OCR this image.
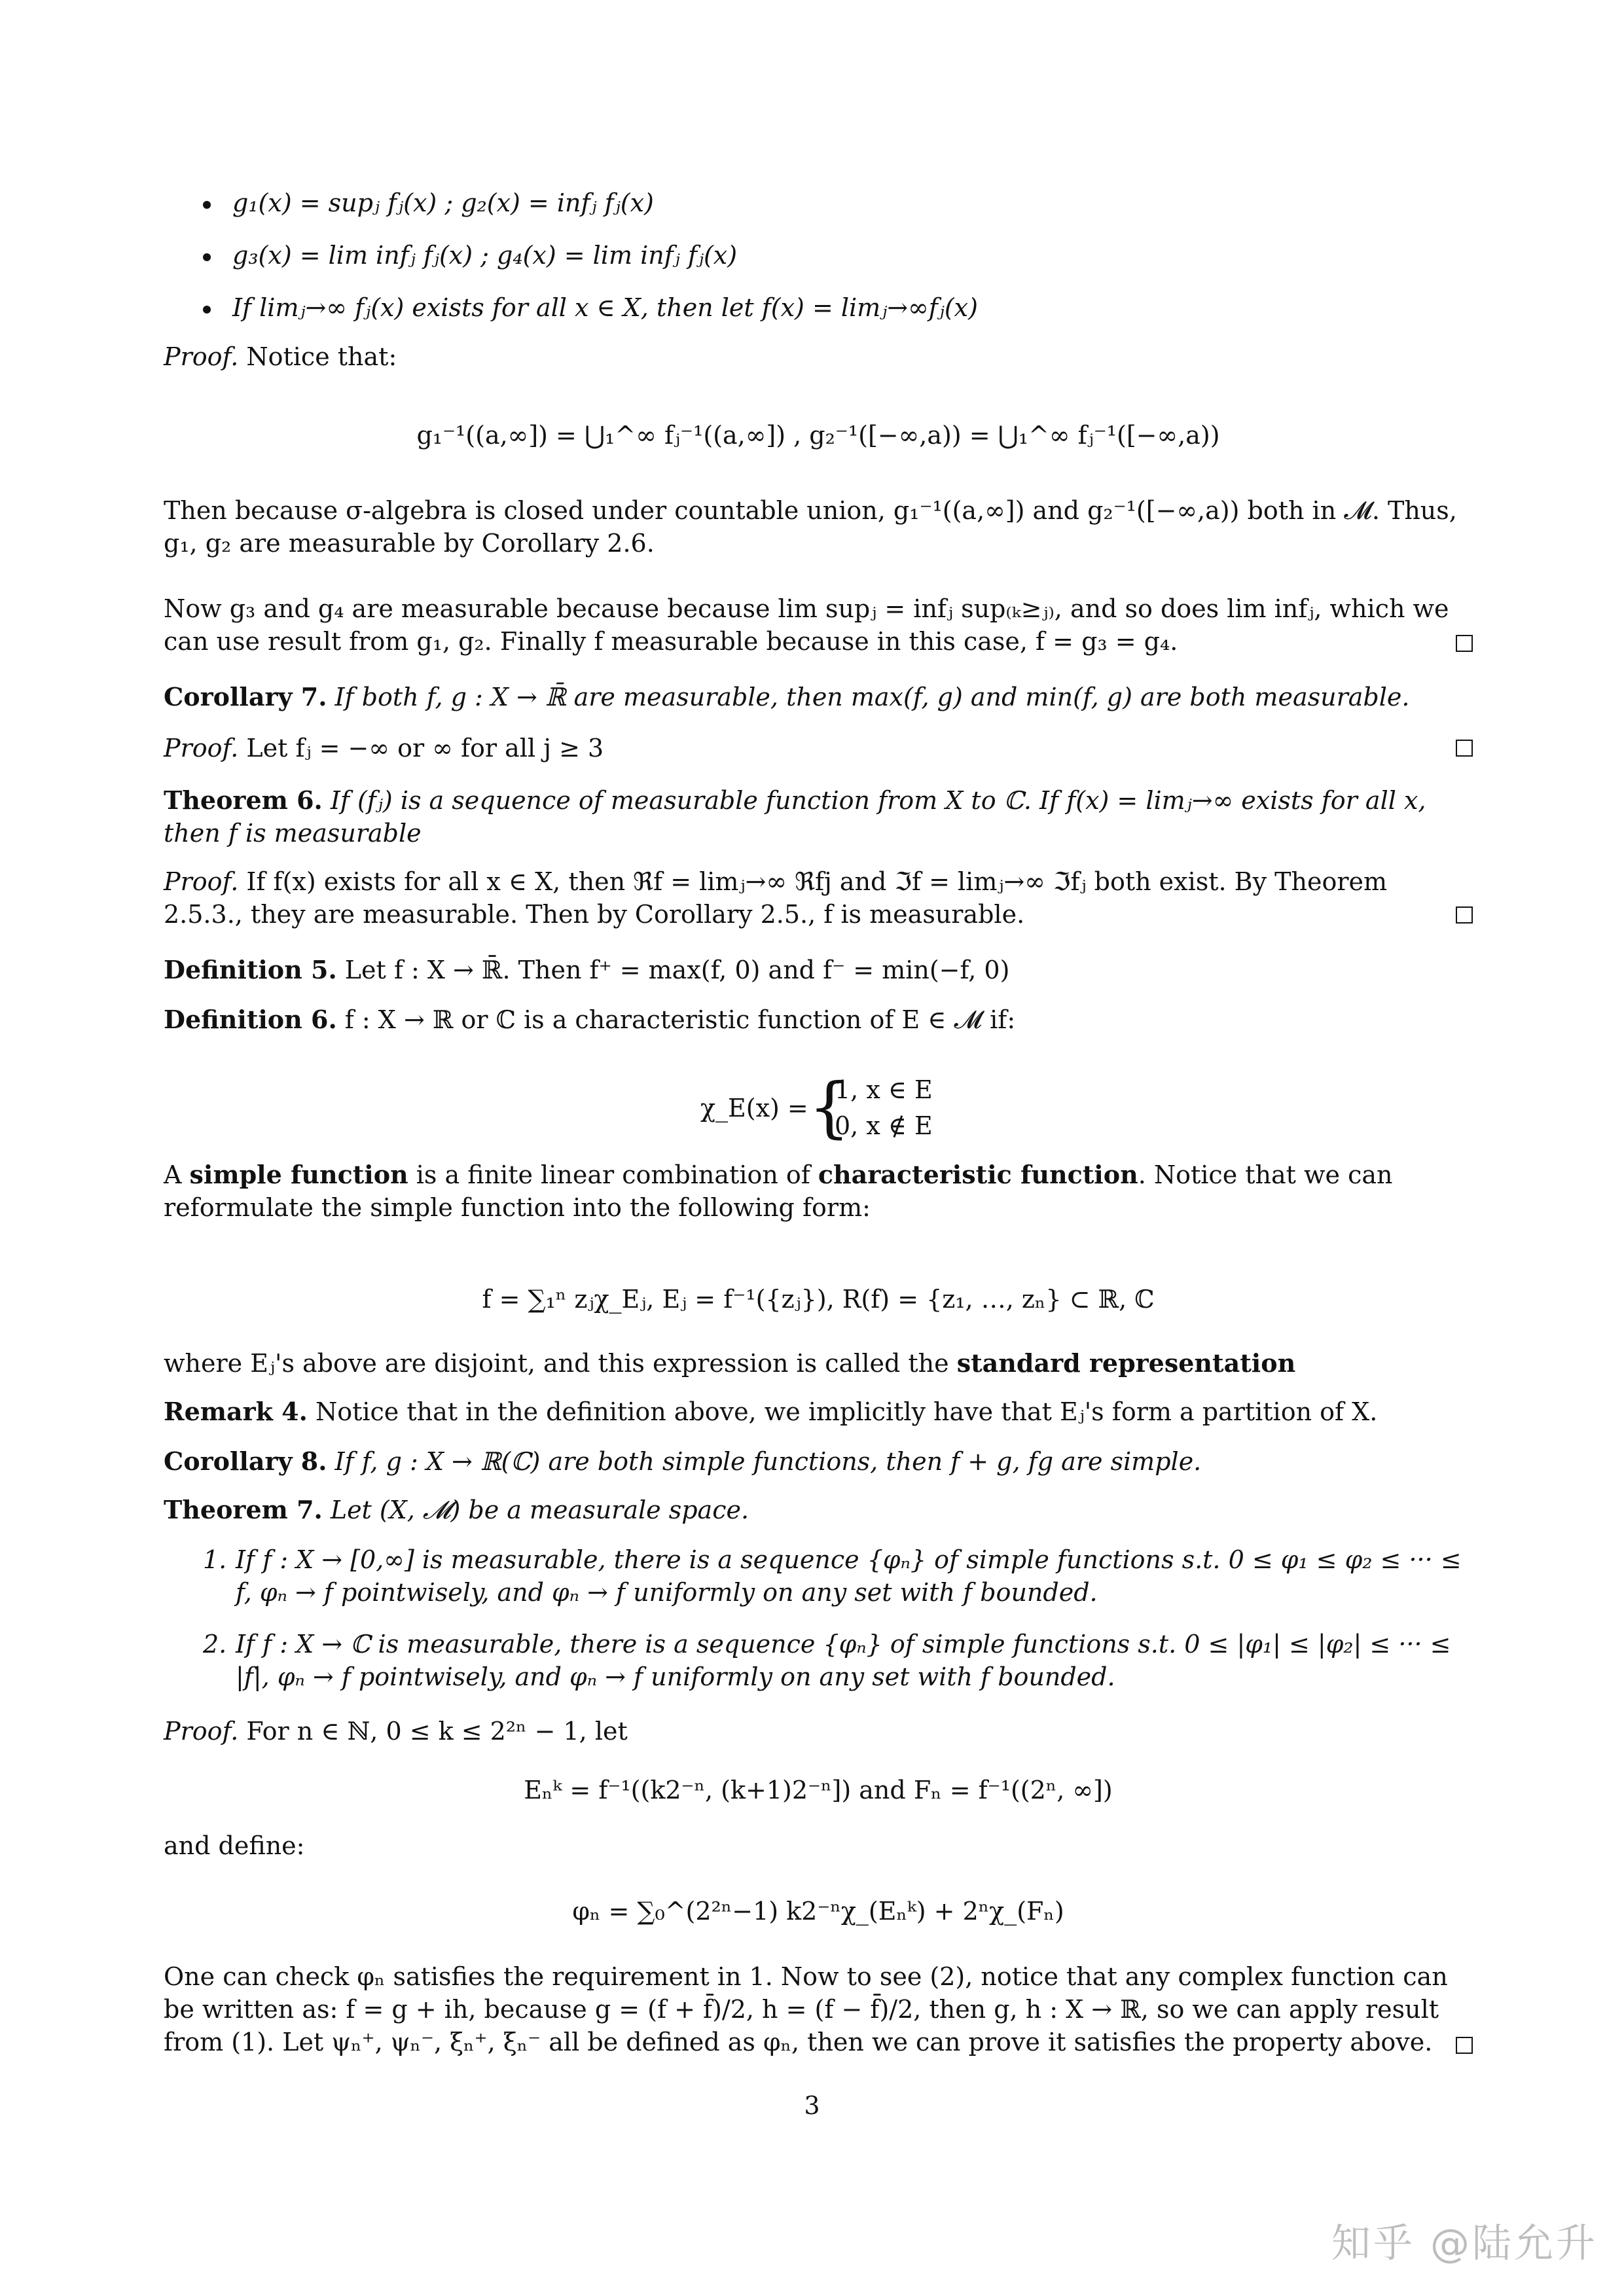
g₁(x) = supⱼ fⱼ(x) ; g₂(x) = infⱼ fⱼ(x)
g₃(x) = lim infⱼ fⱼ(x) ; g₄(x) = lim infⱼ fⱼ(x)
If limⱼ→∞ fⱼ(x) exists for all x ∈ X, then let f(x) = limⱼ→∞fⱼ(x)
Proof. Notice that:
g₁⁻¹((a,∞]) = ⋃₁^∞ fⱼ⁻¹((a,∞]) , g₂⁻¹([−∞,a)) = ⋃₁^∞ fⱼ⁻¹([−∞,a))
Then because σ-algebra is closed under countable union, g₁⁻¹((a,∞]) and g₂⁻¹([−∞,a)) both in 𝓜. Thus, g₁, g₂ are measurable by Corollary 2.6.
Now g₃ and g₄ are measurable because because lim supⱼ = infⱼ sup₍ₖ≥ⱼ₎, and so does lim infⱼ, which we can use result from g₁, g₂. Finally f measurable because in this case, f = g₃ = g₄.
Corollary 7. If both f, g : X → ℝ̄ are measurable, then max(f, g) and min(f, g) are both measurable.
Proof. Let fⱼ = −∞ or ∞ for all j ≥ 3
Theorem 6. If (fⱼ) is a sequence of measurable function from X to ℂ. If f(x) = limⱼ→∞ exists for all x, then f is measurable
Proof. If f(x) exists for all x ∈ X, then ℜf = limⱼ→∞ ℜfj and ℑf = limⱼ→∞ ℑfⱼ both exist. By Theorem 2.5.3., they are measurable. Then by Corollary 2.5., f is measurable.
Definition 5. Let f : X → ℝ̄. Then f⁺ = max(f, 0) and f⁻ = min(−f, 0)
Definition 6. f : X → ℝ or ℂ is a characteristic function of E ∈ 𝓜 if:
χ_E(x) = {
1, x ∈ E
0, x ∉ E
A simple function is a finite linear combination of characteristic function. Notice that we can reformulate the simple function into the following form:
f = ∑₁ⁿ zⱼχ_Eⱼ, Eⱼ = f⁻¹({zⱼ}), R(f) = {z₁, …, zₙ} ⊂ ℝ, ℂ
where Eⱼ's above are disjoint, and this expression is called the standard representation
Remark 4. Notice that in the definition above, we implicitly have that Eⱼ's form a partition of X.
Corollary 8. If f, g : X → ℝ(ℂ) are both simple functions, then f + g, fg are simple.
Theorem 7. Let (X, 𝓜) be a measurale space.
1. If f : X → [0,∞] is measurable, there is a sequence {φₙ} of simple functions s.t. 0 ≤ φ₁ ≤ φ₂ ≤ ··· ≤ f, φₙ → f pointwisely, and φₙ → f uniformly on any set with f bounded.
2. If f : X → ℂ is measurable, there is a sequence {φₙ} of simple functions s.t. 0 ≤ |φ₁| ≤ |φ₂| ≤ ··· ≤ |f|, φₙ → f pointwisely, and φₙ → f uniformly on any set with f bounded.
Proof. For n ∈ ℕ, 0 ≤ k ≤ 2²ⁿ − 1, let
Eₙᵏ = f⁻¹((k2⁻ⁿ, (k+1)2⁻ⁿ]) and Fₙ = f⁻¹((2ⁿ, ∞])
and define:
φₙ = ∑₀^(2²ⁿ−1) k2⁻ⁿχ_(Eₙᵏ) + 2ⁿχ_(Fₙ)
One can check φₙ satisfies the requirement in 1. Now to see (2), notice that any complex function can be written as: f = g + ih, because g = (f + f̄)/2, h = (f − f̄)/2, then g, h : X → ℝ, so we can apply result from (1). Let ψₙ⁺, ψₙ⁻, ξₙ⁺, ξₙ⁻ all be defined as φₙ, then we can prove it satisfies the property above.
3
知乎 @陆允升
